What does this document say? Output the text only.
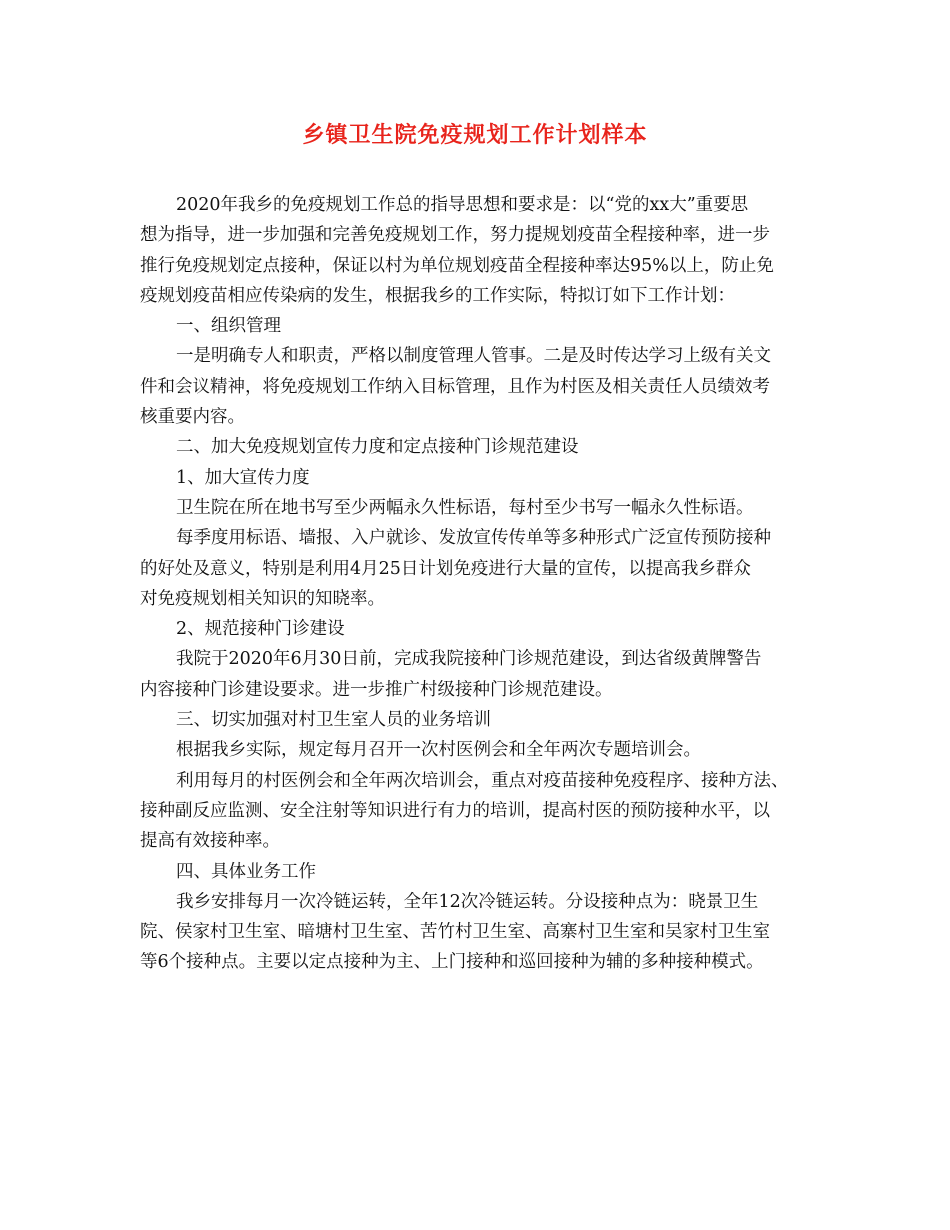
乡镇卫生院免疫规划工作计划样本
2020年我乡的免疫规划工作总的指导思想和要求是：以“党的xx大”重要思
想为指导，进一步加强和完善免疫规划工作，努力提规划疫苗全程接种率，进一步
推行免疫规划定点接种，保证以村为单位规划疫苗全程接种率达95%以上，防止免
疫规划疫苗相应传染病的发生，根据我乡的工作实际，特拟订如下工作计划：
一、组织管理
一是明确专人和职责，严格以制度管理人管事。二是及时传达学习上级有关文
件和会议精神，将免疫规划工作纳入目标管理，且作为村医及相关责任人员绩效考
核重要内容。
二、加大免疫规划宣传力度和定点接种门诊规范建设
1、加大宣传力度
卫生院在所在地书写至少两幅永久性标语，每村至少书写一幅永久性标语。
每季度用标语、墙报、入户就诊、发放宣传传单等多种形式广泛宣传预防接种
的好处及意义，特别是利用4月25日计划免疫进行大量的宣传，以提高我乡群众
对免疫规划相关知识的知晓率。
2、规范接种门诊建设
我院于2020年6月30日前，完成我院接种门诊规范建设，到达省级黄牌警告
内容接种门诊建设要求。进一步推广村级接种门诊规范建设。
三、切实加强对村卫生室人员的业务培训
根据我乡实际，规定每月召开一次村医例会和全年两次专题培训会。
利用每月的村医例会和全年两次培训会，重点对疫苗接种免疫程序、接种方法、
接种副反应监测、安全注射等知识进行有力的培训，提高村医的预防接种水平，以
提高有效接种率。
四、具体业务工作
我乡安排每月一次冷链运转，全年12次冷链运转。分设接种点为：晓景卫生
院、侯家村卫生室、暗塘村卫生室、苦竹村卫生室、高寨村卫生室和吴家村卫生室
等6个接种点。主要以定点接种为主、上门接种和巡回接种为辅的多种接种模式。
